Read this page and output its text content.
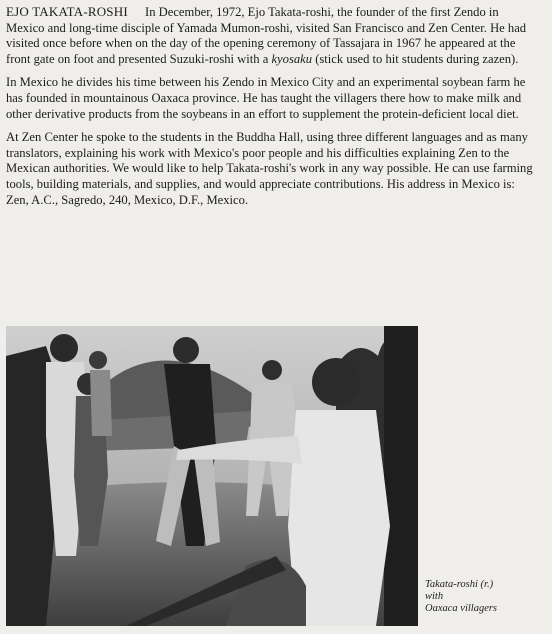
EJO TAKATA-ROSHI In December, 1972, Ejo Takata-roshi, the founder of the first Zendo in Mexico and long-time disciple of Yamada Mumon-roshi, visited San Francisco and Zen Center. He had visited once before when on the day of the opening ceremony of Tassajara in 1967 he appeared at the front gate on foot and presented Suzuki-roshi with a kyosaku (stick used to hit students during zazen).

In Mexico he divides his time between his Zendo in Mexico City and an experimental soybean farm he has founded in mountainous Oaxaca province. He has taught the villagers there how to make milk and other derivative products from the soybeans in an effort to supplement the protein-deficient local diet.

At Zen Center he spoke to the students in the Buddha Hall, using three different languages and as many translators, explaining his work with Mexico's poor people and his difficulties explaining Zen to the Mexican authorities. We would like to help Takata-roshi's work in any way possible. He can use farming tools, building materials, and supplies, and would appreciate contributions. His address in Mexico is: Zen, A.C., Sagredo, 240, Mexico, D.F., Mexico.

Takata-roshi (r.)
with
Oaxaca villagers
